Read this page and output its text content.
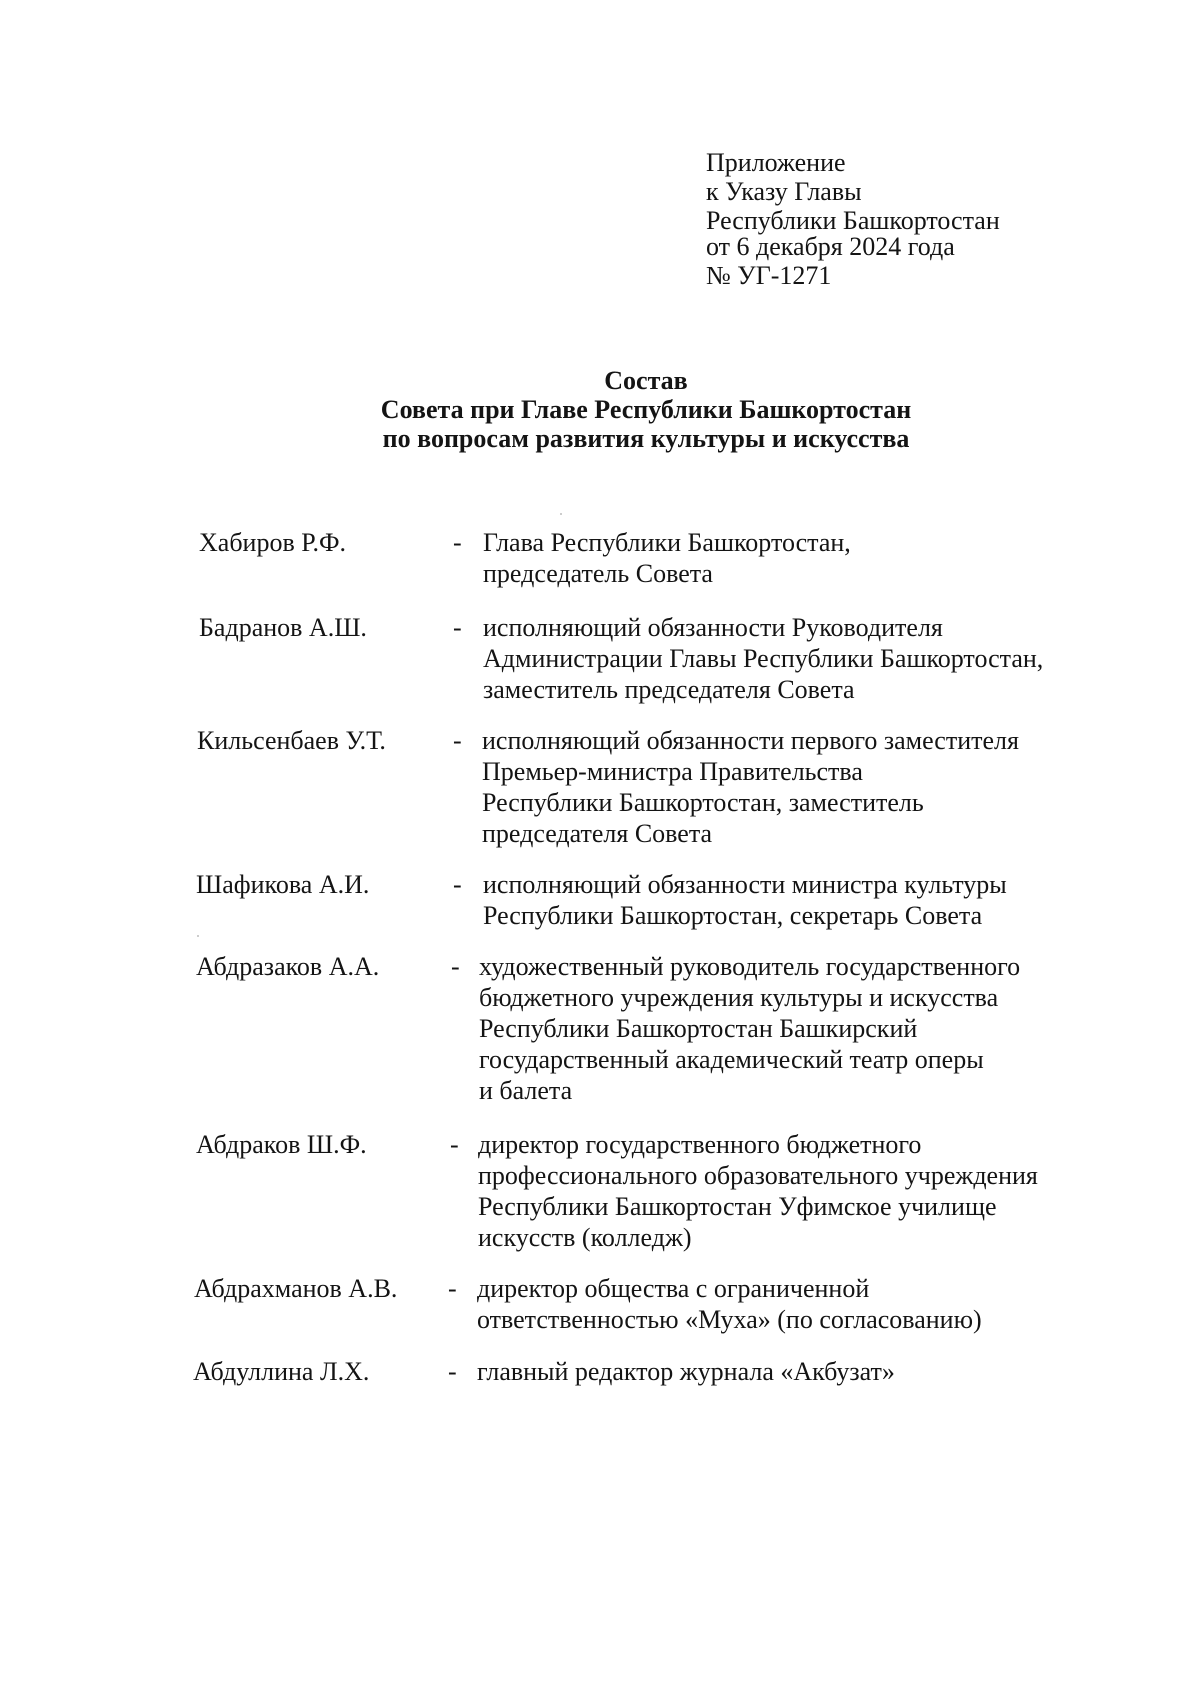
Приложение
к Указу Главы
Республики Башкортостан
от 6 декабря 2024 года
№ УГ-1271
Состав
Совета при Главе Республики Башкортостан
по вопросам развития культуры и искусства
Хабиров Р.Ф.	- Глава Республики Башкортостан,
председатель Совета
Бадранов А.Ш.	- исполняющий обязанности Руководителя
Администрации Главы Республики Башкортостан,
заместитель председателя Совета
Кильсенбаев У.Т.	- исполняющий обязанности первого заместителя
Премьер-министра Правительства
Республики Башкортостан, заместитель
председателя Совета
Шафикова А.И.	- исполняющий обязанности министра культуры
Республики Башкортостан, секретарь Совета
Абдразаков А.А.	- художественный руководитель государственного
бюджетного учреждения культуры и искусства
Республики Башкортостан Башкирский
государственный академический театр оперы
и балета
Абдраков Ш.Ф.	- директор государственного бюджетного
профессионального образовательного учреждения
Республики Башкортостан Уфимское училище
искусств (колледж)
Абдрахманов А.В. - директор общества с ограниченной
ответственностью «Муха» (по согласованию)
Абдуллина Л.Х.	- главный редактор журнала «Акбузат»
